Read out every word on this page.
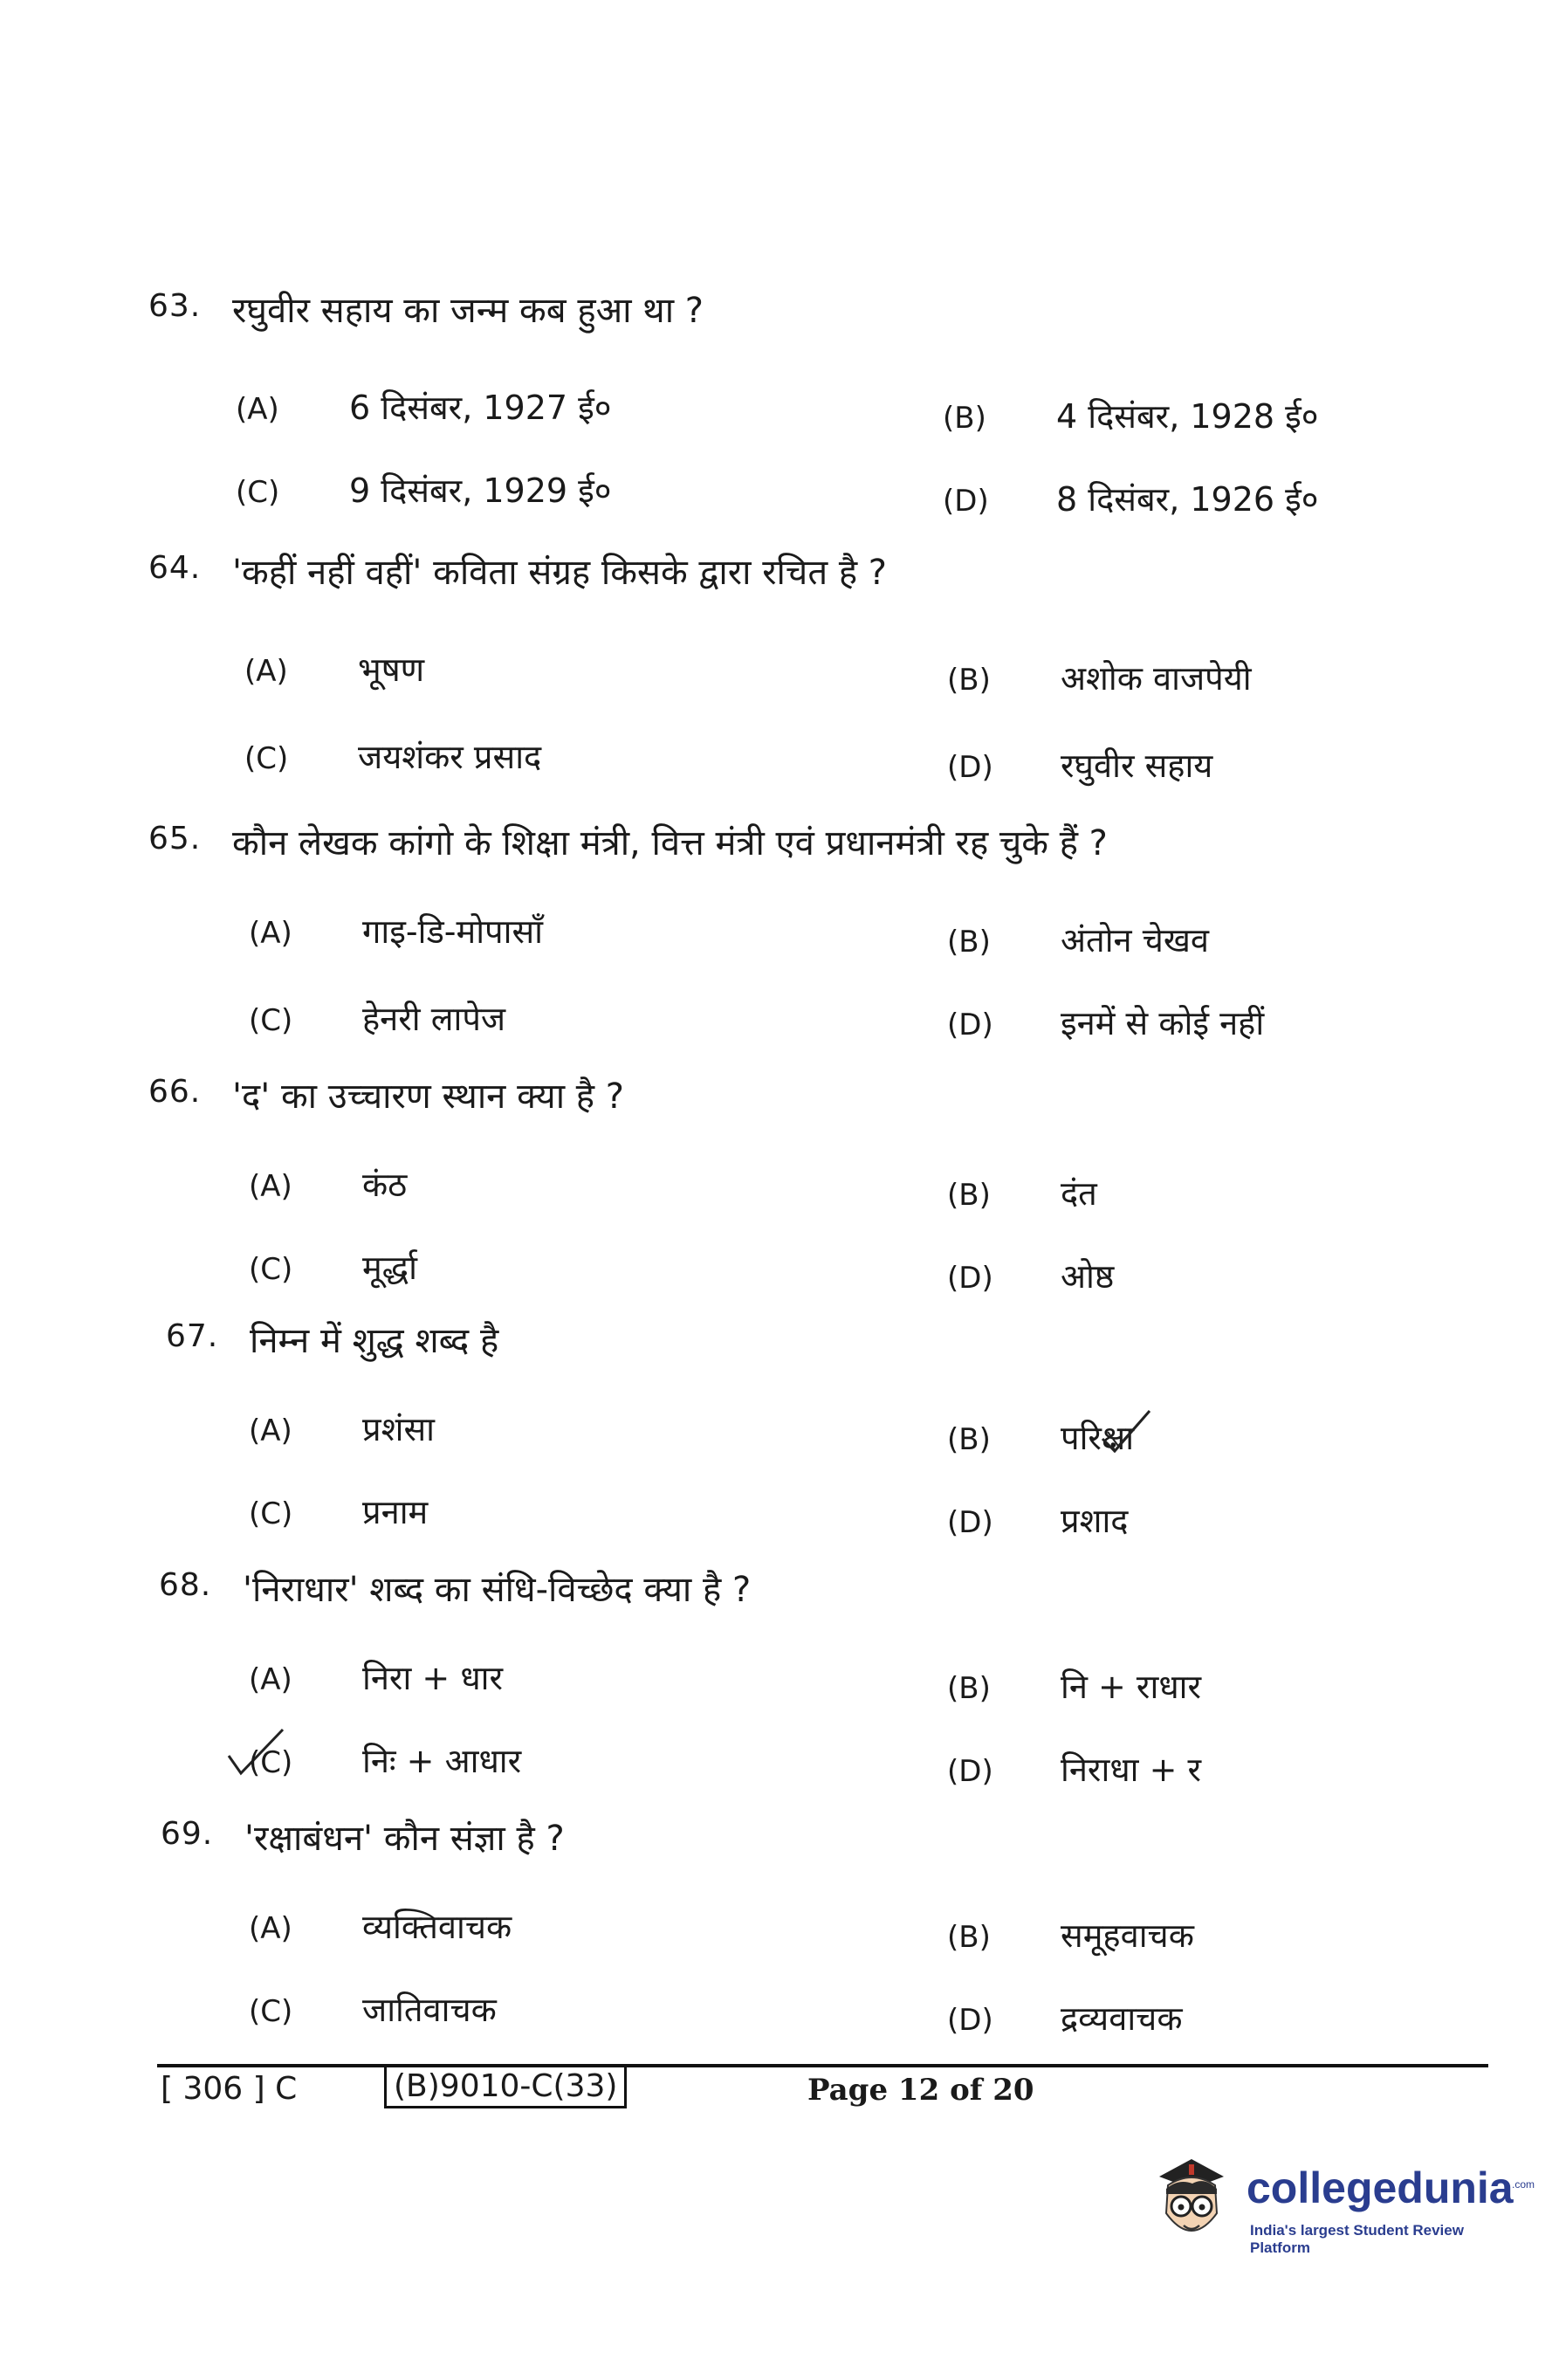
63. रघुवीर सहाय का जन्म कब हुआ था ?
(A) 6 दिसंबर, 1927 ई०	(B) 4 दिसंबर, 1928 ई०
(C) 9 दिसंबर, 1929 ई०	(D) 8 दिसंबर, 1926 ई०
64. 'कहीं नहीं वहीं' कविता संग्रह किसके द्वारा रचित है ?
(A) भूषण	(B) अशोक वाजपेयी
(C) जयशंकर प्रसाद	(D) रघुवीर सहाय
65. कौन लेखक कांगो के शिक्षा मंत्री, वित्त मंत्री एवं प्रधानमंत्री रह चुके हैं ?
(A) गाइ-डि-मोपासाँ	(B) अंतोन चेखव
(C) हेनरी लापेज	(D) इनमें से कोई नहीं
66. 'द' का उच्चारण स्थान क्या है ?
(A) कंठ	(B) दंत
(C) मूर्द्धा	(D) ओष्ठ
67. निम्न में शुद्ध शब्द है
(A) प्रशंसा	(B) परिक्षा
(C) प्रनाम	(D) प्रशाद
68. 'निराधार' शब्द का संधि-विच्छेद क्या है ?
(A) निरा + धार	(B) नि + राधार
(C) निः + आधार	(D) निराधा + र
69. 'रक्षाबंधन' कौन संज्ञा है ?
(A) व्यक्तिवाचक	(B) समूहवाचक
(C) जातिवाचक	(D) द्रव्यवाचक
[ 306 ] C	(B)9010-C(33)	Page 12 of 20
collegedunia
.com
India's largest Student Review Platform
